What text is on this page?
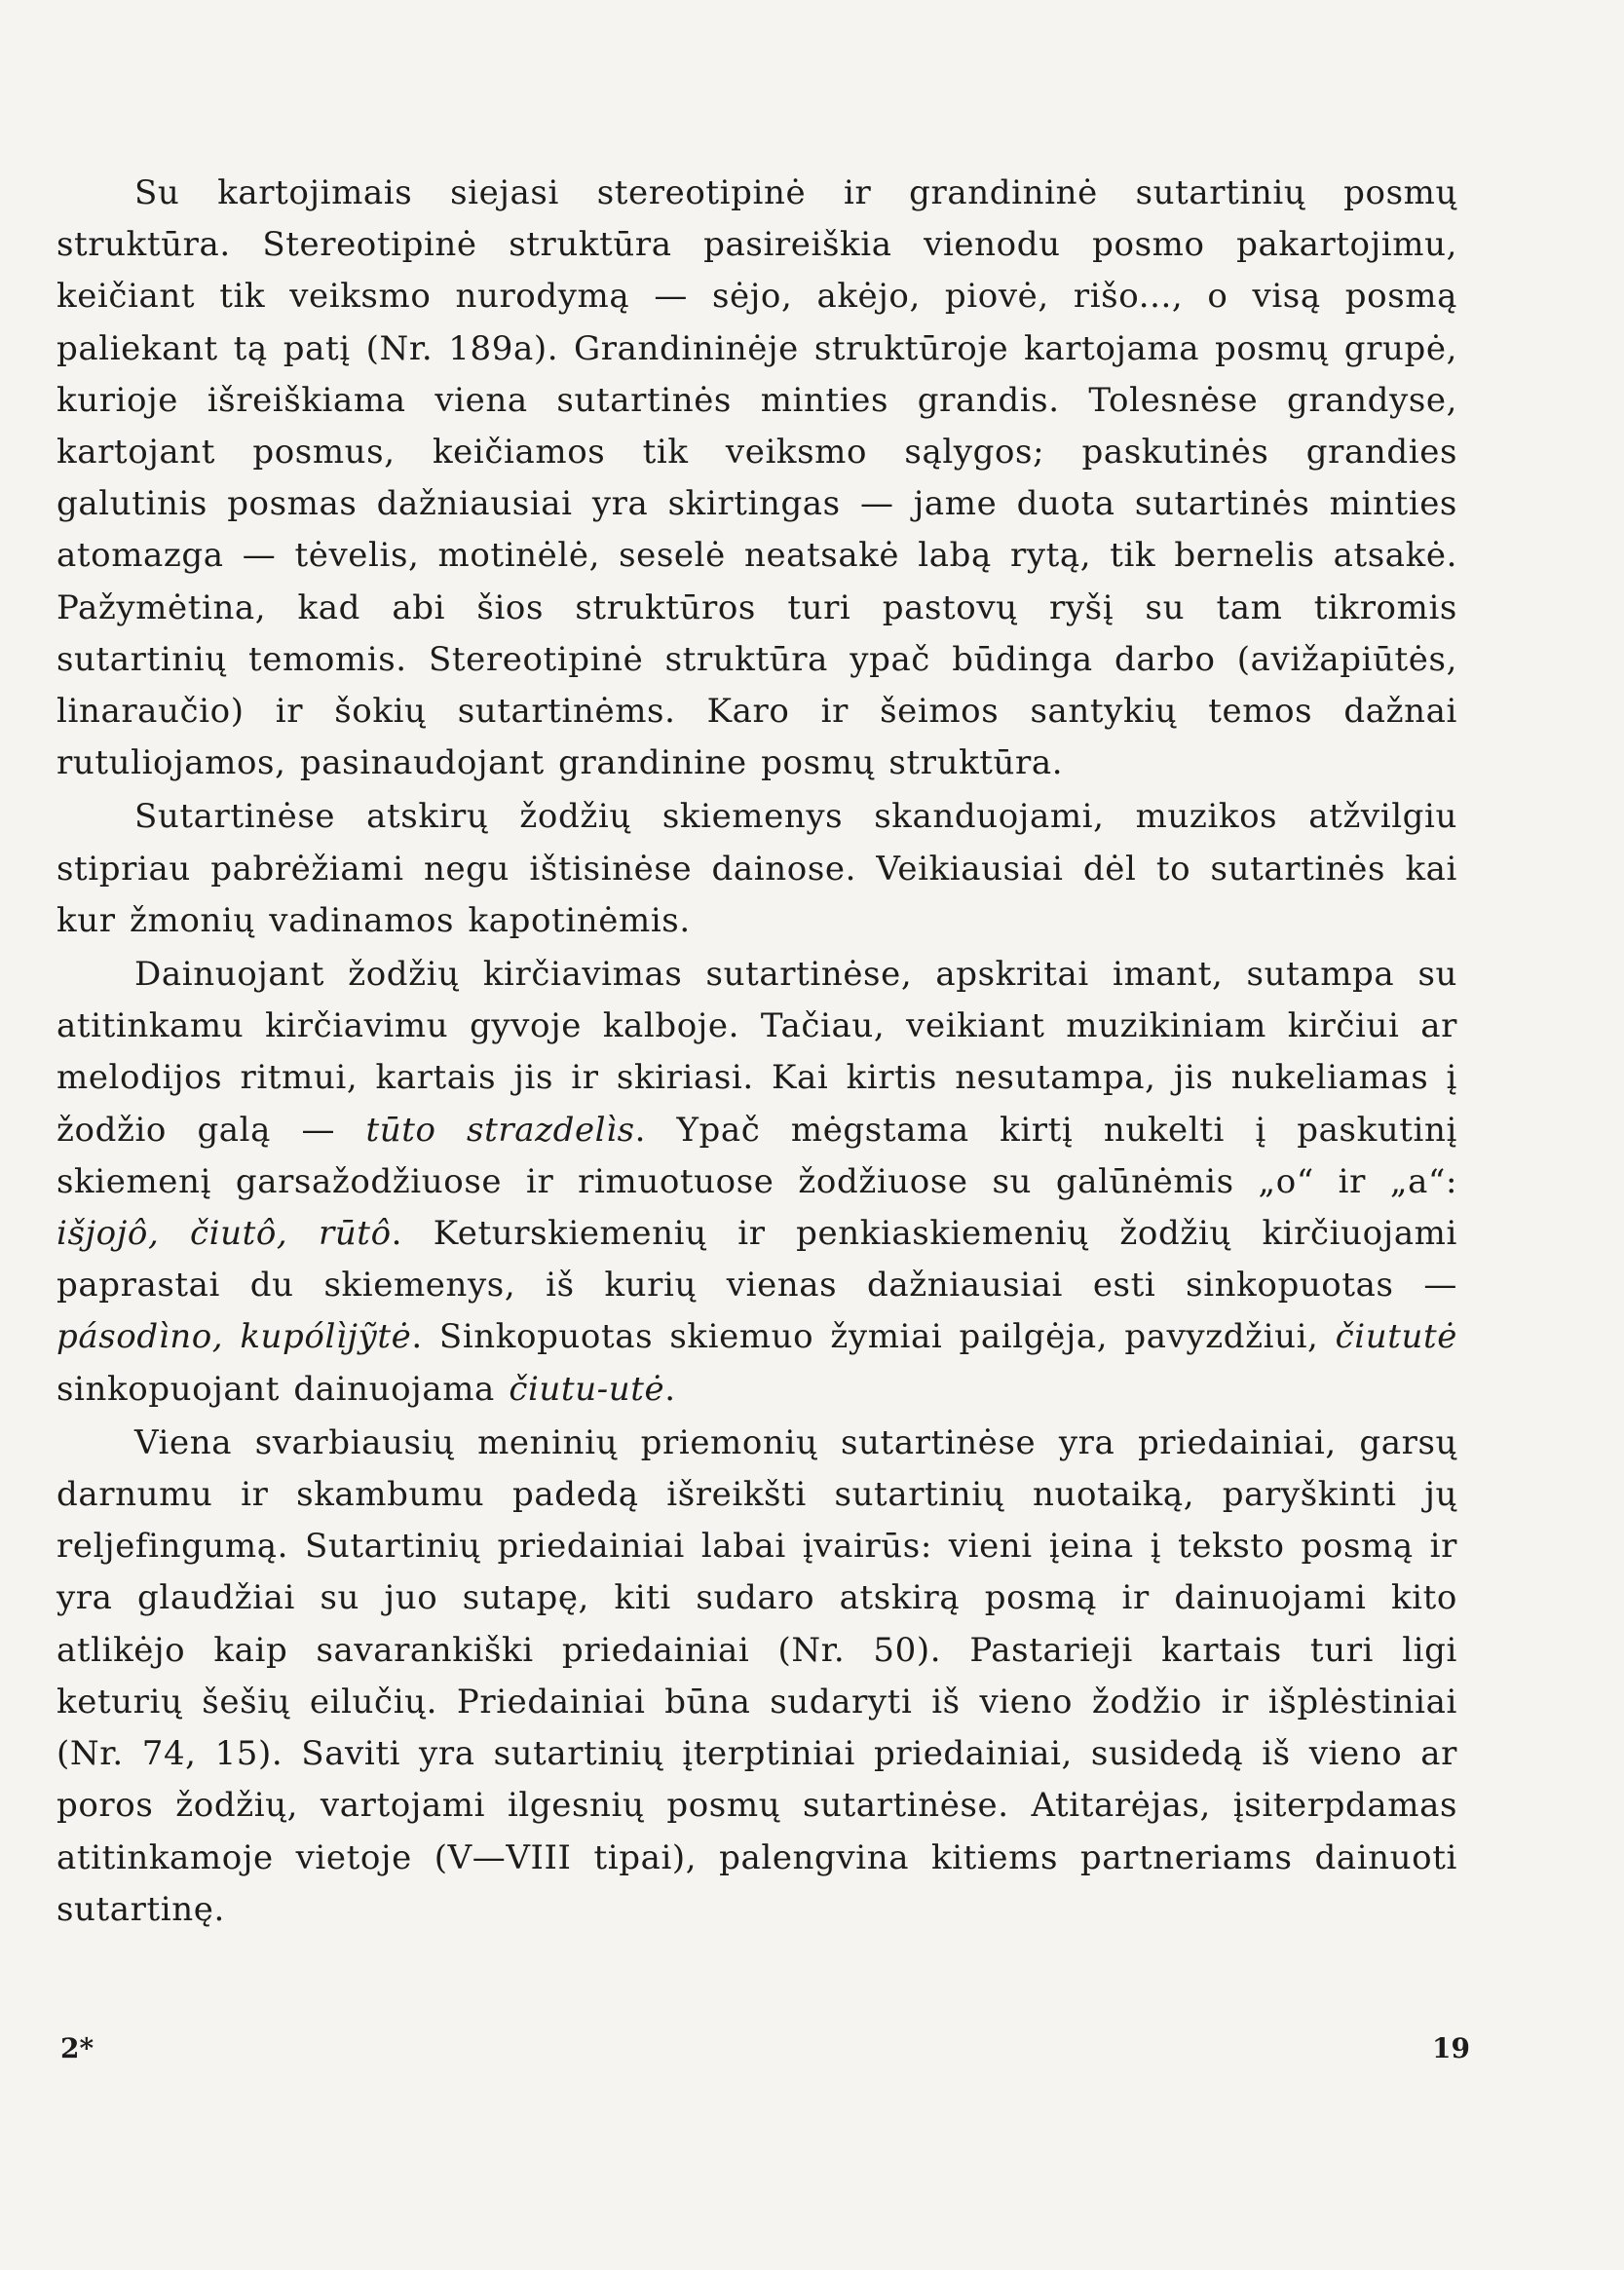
Su kartojimais siejasi stereotipinė ir grandininė sutartinių posmų struktūra. Stereotipinė struktūra pasireiškia vienodu posmo pakartojimu, keičiant tik veiksmo nurodymą — sėjo, akėjo, piovė, rišo..., o visą posmą paliekant tą patį (Nr. 189a). Grandininėje struktūroje kartojama posmų grupė, kurioje išreiškiama viena sutartinės minties grandis. Tolesnėse grandyse, kartojant posmus, keičiamos tik veiksmo sąlygos; paskutinės grandies galutinis posmas dažniausiai yra skirtingas — jame duota sutartinės minties atomazga — tėvelis, motinėlė, seselė neatsakė labą rytą, tik bernelis atsakė. Pažymėtina, kad abi šios struktūros turi pastovų ryšį su tam tikromis sutartinių temomis. Stereotipinė struktūra ypač būdinga darbo (avižapiūtės, linaraučio) ir šokių sutartinėms. Karo ir šeimos santykių temos dažnai rutuliojamos, pasinaudojant grandinine posmų struktūra.

Sutartinėse atskirų žodžių skiemenys skanduojami, muzikos atžvilgiu stipriau pabrėžiami negu ištisinėse dainose. Veikiausiai dėl to sutartinės kai kur žmonių vadinamos kapotinėmis.

Dainuojant žodžių kirčiavimas sutartinėse, apskritai imant, sutampa su atitinkamu kirčiavimu gyvoje kalboje. Tačiau, veikiant muzikiniam kirčiui ar melodijos ritmui, kartais jis ir skiriasi. Kai kirtis nesutampa, jis nukeliamas į žodžio galą — tūto strazdelìs. Ypač mėgstama kirtį nukelti į paskutinį skiemenį garsažodžiuose ir rimuotuose žodžiuose su galūnėmis „o“ ir „a“: išjojô, čiutô, rūtô. Keturskiemenių ir penkiaskiemenių žodžių kirčiuojami paprastai du skiemenys, iš kurių vienas dažniausiai esti sinkopuotas — pásodìno, kupólìjỹtė. Sinkopuotas skiemuo žymiai pailgėja, pavyzdžiui, čiututė sinkopuojant dainuojama čiutu-utė.

Viena svarbiausių meninių priemonių sutartinėse yra priedainiai, garsų darnumu ir skambumu padedą išreikšti sutartinių nuotaiką, paryškinti jų reljefingumą. Sutartinių priedainiai labai įvairūs: vieni įeina į teksto posmą ir yra glaudžiai su juo sutapę, kiti sudaro atskirą posmą ir dainuojami kito atlikėjo kaip savarankiški priedainiai (Nr. 50). Pastarieji kartais turi ligi keturių šešių eilučių. Priedainiai būna sudaryti iš vieno žodžio ir išplėstiniai (Nr. 74, 15). Saviti yra sutartinių įterptiniai priedainiai, susidedą iš vieno ar poros žodžių, vartojami ilgesnių posmų sutartinėse. Atitarėjas, įsiterpdamas atitinkamoje vietoje (V—VIII tipai), palengvina kitiems partneriams dainuoti sutartinę.

2*	19
